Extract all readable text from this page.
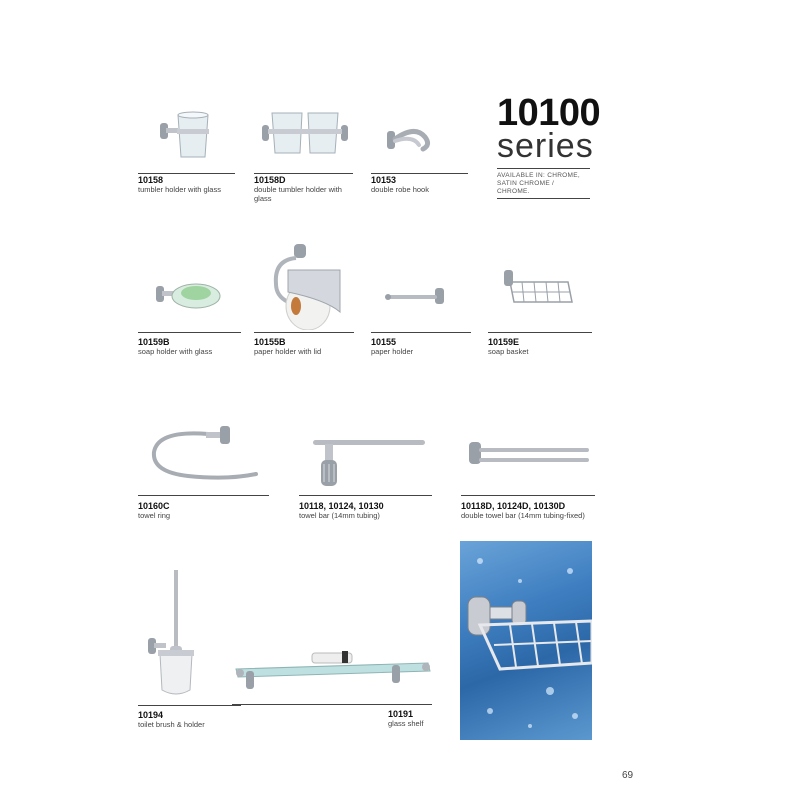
10100
series
AVAILABLE IN: CHROME,
SATIN CHROME /
CHROME.
10158
tumbler holder with glass
10158D
double tumbler holder with glass
10153
double robe hook
10159B
soap holder with glass
10155B
paper holder with lid
10155
paper holder
10159E
soap basket
10160C
towel ring
10118, 10124, 10130
towel bar (14mm tubing)
10118D, 10124D, 10130D
double towel bar (14mm tubing-fixed)
10194
toilet brush & holder
10191
glass shelf
69
